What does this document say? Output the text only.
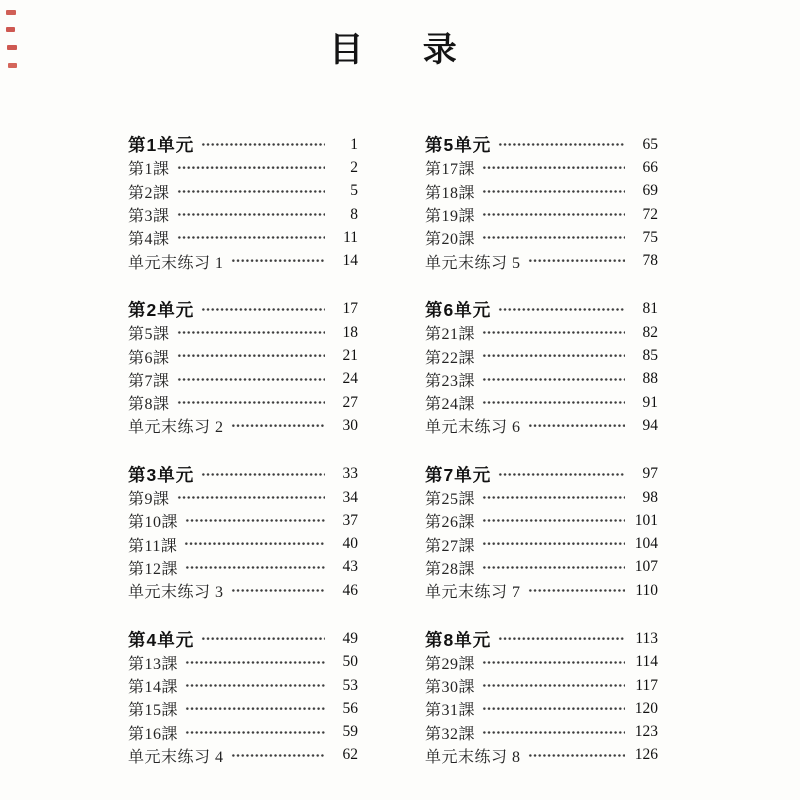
目 录
第1单元	1
第1課	2
第2課	5
第3課	8
第4課	11
单元末练习 1	14
第2单元	17
第5課	18
第6課	21
第7課	24
第8課	27
单元末练习 2	30
第3单元	33
第9課	34
第10課	37
第11課	40
第12課	43
单元末练习 3	46
第4单元	49
第13課	50
第14課	53
第15課	56
第16課	59
单元末练习 4	62
第5单元	65
第17課	66
第18課	69
第19課	72
第20課	75
单元末练习 5	78
第6单元	81
第21課	82
第22課	85
第23課	88
第24課	91
单元末练习 6	94
第7单元	97
第25課	98
第26課	101
第27課	104
第28課	107
单元末练习 7	110
第8单元	113
第29課	114
第30課	117
第31課	120
第32課	123
单元末练习 8	126
